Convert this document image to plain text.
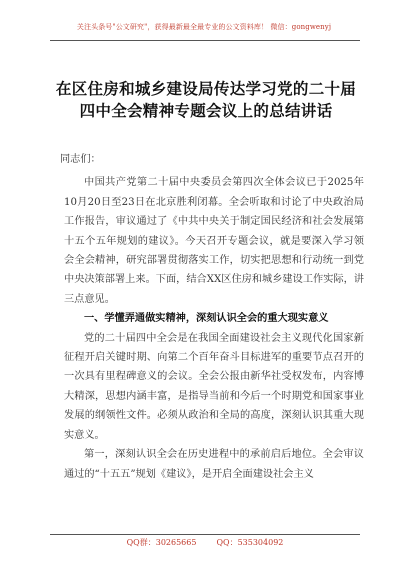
关注头条号"公文研究"，获得最新最全最专业的公文资料库！ 微信：gongwenyj
在区住房和城乡建设局传达学习党的二十届四中全会精神专题会议上的总结讲话

同志们：

中国共产党第二十届中央委员会第四次全体会议已于2025年10月20日至23日在北京胜利闭幕。全会听取和讨论了中央政治局工作报告，审议通过了《中共中央关于制定国民经济和社会发展第十五个五年规划的建议》。今天召开专题会议，就是要深入学习领会全会精神，研究部署贯彻落实工作，切实把思想和行动统一到党中央决策部署上来。下面，结合XX区住房和城乡建设工作实际，讲三点意见。

一、学懂弄通做实精神，深刻认识全会的重大现实意义

党的二十届四中全会是在我国全面建设社会主义现代化国家新征程开启关键时期、向第二个百年奋斗目标进军的重要节点召开的一次具有里程碑意义的会议。全会公报由新华社受权发布，内容博大精深，思想内涵丰富，是指导当前和今后一个时期党和国家事业发展的纲领性文件。必须从政治和全局的高度，深刻认识其重大现实意义。

第一，深刻认识全会在历史进程中的承前启后地位。全会审议通过的“十五五”规划《建议》，是开启全面建设社会主义

QQ群：30265665	QQ：535304092
